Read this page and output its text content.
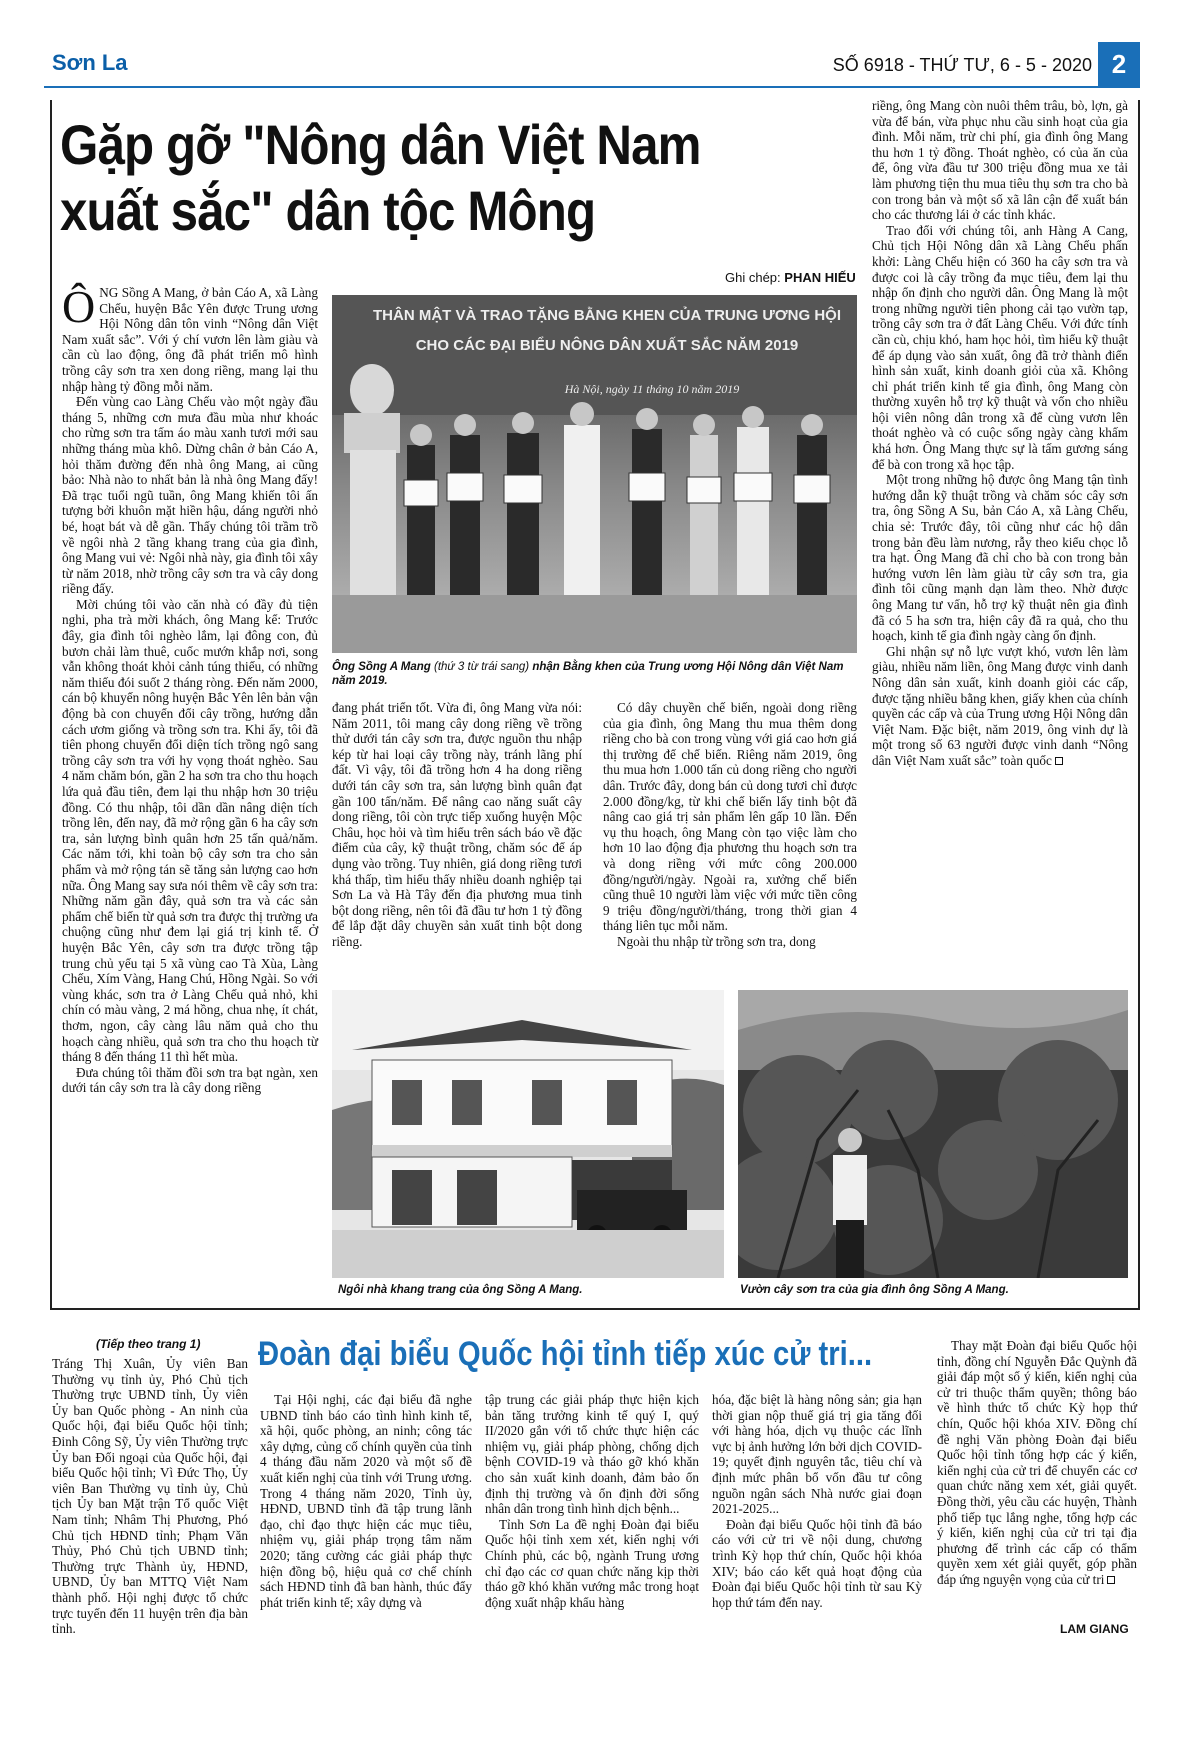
Sơn La	SỐ 6918 - THỨ TƯ, 6 - 5 - 2020 2
Gặp gỡ "Nông dân Việt Nam xuất sắc" dân tộc Mông
Ghi chép: PHAN HIẾU

ÔNG Sồng A Mang, ở bản Cáo A, xã Làng Chếu, huyện Bắc Yên được Trung ương Hội Nông dân tôn vinh “Nông dân Việt Nam xuất sắc”. Với ý chí vươn lên làm giàu và cần cù lao động, ông đã phát triển mô hình trồng cây sơn tra xen dong riềng, mang lại thu nhập hàng tỷ đồng mỗi năm.

Đến vùng cao Làng Chếu vào một ngày đầu tháng 5, những cơn mưa đầu mùa như khoác cho rừng sơn tra tấm áo màu xanh tươi mới sau những tháng mùa khô. Dừng chân ở bản Cáo A, hỏi thăm đường đến nhà ông Mang, ai cũng bảo: Nhà nào to nhất bản là nhà ông Mang đấy! Đã trạc tuổi ngũ tuần, ông Mang khiến tôi ấn tượng bởi khuôn mặt hiền hậu, dáng người nhỏ bé, hoạt bát và dễ gần. Thấy chúng tôi trầm trồ về ngôi nhà 2 tầng khang trang của gia đình, ông Mang vui vẻ: Ngôi nhà này, gia đình tôi xây từ năm 2018, nhờ trồng cây sơn tra và cây dong riềng đấy.

Mời chúng tôi vào căn nhà có đầy đủ tiện nghi, pha trà mời khách, ông Mang kể: Trước đây, gia đình tôi nghèo lắm, lại đông con, đủ bươn chải làm thuê, cuốc mướn khắp nơi, song vẫn không thoát khỏi cảnh túng thiếu, có những năm thiếu đói suốt 2 tháng ròng. Đến năm 2000, cán bộ khuyến nông huyện Bắc Yên lên bản vận động bà con chuyển đổi cây trồng, hướng dẫn cách ươm giống và trồng sơn tra. Khi ấy, tôi đã tiên phong chuyển đổi diện tích trồng ngô sang trồng cây sơn tra với hy vọng thoát nghèo. Sau 4 năm chăm bón, gần 2 ha sơn tra cho thu hoạch lứa quả đầu tiên, đem lại thu nhập hơn 30 triệu đồng. Có thu nhập, tôi dần dần nâng diện tích trồng lên, đến nay, đã mở rộng gần 6 ha cây sơn tra, sản lượng bình quân hơn 25 tấn quả/năm. Các năm tới, khi toàn bộ cây sơn tra cho sản phẩm và mở rộng tán sẽ tăng sản lượng cao hơn nữa. Ông Mang say sưa nói thêm về cây sơn tra: Những năm gần đây, quả sơn tra và các sản phẩm chế biến từ quả sơn tra được thị trường ưa chuộng cũng như đem lại giá trị kinh tế. Ở huyện Bắc Yên, cây sơn tra được trồng tập trung chủ yếu tại 5 xã vùng cao Tà Xùa, Làng Chếu, Xím Vàng, Hang Chú, Hồng Ngài. So với vùng khác, sơn tra ở Làng Chếu quả nhỏ, khi chín có màu vàng, 2 má hồng, chua nhẹ, ít chát, thơm, ngon, cây càng lâu năm quả cho thu hoạch càng nhiều, quả sơn tra cho thu hoạch từ tháng 8 đến tháng 11 thì hết mùa.

Đưa chúng tôi thăm đồi sơn tra bạt ngàn, xen dưới tán cây sơn tra là cây dong riềng

THÂN MẬT VÀ TRAO TẶNG BẰNG KHEN CỦA TRUNG ƯƠNG HỘI
CHO CÁC ĐẠI BIỂU NÔNG DÂN XUẤT SẮC NĂM 2019
Hà Nội, ngày 11 tháng 10 năm 2019
Ông Sồng A Mang (thứ 3 từ trái sang) nhận Bằng khen của Trung ương Hội Nông dân Việt Nam năm 2019.

đang phát triển tốt. Vừa đi, ông Mang vừa nói: Năm 2011, tôi mang cây dong riềng về trồng thử dưới tán cây sơn tra, được nguồn thu nhập kép từ hai loại cây trồng này, tránh lãng phí đất. Vì vậy, tôi đã trồng hơn 4 ha dong riềng dưới tán cây sơn tra, sản lượng bình quân đạt gần 100 tấn/năm. Để nâng cao năng suất cây dong riềng, tôi còn trực tiếp xuống huyện Mộc Châu, học hỏi và tìm hiểu trên sách báo về đặc điểm của cây, kỹ thuật trồng, chăm sóc để áp dụng vào trồng. Tuy nhiên, giá dong riềng tươi khá thấp, tìm hiểu thấy nhiều doanh nghiệp tại Sơn La và Hà Tây đến địa phương mua tinh bột dong riềng, nên tôi đã đầu tư hơn 1 tỷ đồng để lắp đặt dây chuyền sản xuất tinh bột dong riềng.

Có dây chuyền chế biến, ngoài dong riềng của gia đình, ông Mang thu mua thêm dong riềng cho bà con trong vùng với giá cao hơn giá thị trường để chế biến. Riêng năm 2019, ông thu mua hơn 1.000 tấn củ dong riềng cho người dân. Trước đây, dong bán củ dong tươi chỉ được 2.000 đồng/kg, từ khi chế biến lấy tinh bột đã nâng cao giá trị sản phẩm lên gấp 10 lần. Đến vụ thu hoạch, ông Mang còn tạo việc làm cho hơn 10 lao động địa phương thu hoạch sơn tra và dong riềng với mức công 200.000 đồng/người/ngày. Ngoài ra, xưởng chế biến cũng thuê 10 người làm việc với mức tiền công 9 triệu đồng/người/tháng, trong thời gian 4 tháng liên tục mỗi năm.

Ngoài thu nhập từ trồng sơn tra, dong

riềng, ông Mang còn nuôi thêm trâu, bò, lợn, gà vừa để bán, vừa phục nhu cầu sinh hoạt của gia đình. Mỗi năm, trừ chi phí, gia đình ông Mang thu hơn 1 tỷ đồng. Thoát nghèo, có của ăn của để, ông vừa đầu tư 300 triệu đồng mua xe tải làm phương tiện thu mua tiêu thụ sơn tra cho bà con trong bản và một số xã lân cận để xuất bán cho các thương lái ở các tỉnh khác.

Trao đổi với chúng tôi, anh Hàng A Cang, Chủ tịch Hội Nông dân xã Làng Chếu phấn khởi: Làng Chếu hiện có 360 ha cây sơn tra và được coi là cây trồng đa mục tiêu, đem lại thu nhập ổn định cho người dân. Ông Mang là một trong những người tiên phong cải tạo vườn tạp, trồng cây sơn tra ở đất Làng Chếu. Với đức tính cần cù, chịu khó, ham học hỏi, tìm hiểu kỹ thuật để áp dụng vào sản xuất, ông đã trở thành điển hình sản xuất, kinh doanh giỏi của xã. Không chỉ phát triển kinh tế gia đình, ông Mang còn thường xuyên hỗ trợ kỹ thuật và vốn cho nhiều hội viên nông dân trong xã để cùng vươn lên thoát nghèo và có cuộc sống ngày càng khấm khá hơn. Ông Mang thực sự là tấm gương sáng để bà con trong xã học tập.

Một trong những hộ được ông Mang tận tình hướng dẫn kỹ thuật trồng và chăm sóc cây sơn tra, ông Sồng A Su, bản Cáo A, xã Làng Chếu, chia sẻ: Trước đây, tôi cũng như các hộ dân trong bản đều làm nương, rẫy theo kiểu chọc lỗ tra hạt. Ông Mang đã chỉ cho bà con trong bản hướng vươn lên làm giàu từ cây sơn tra, gia đình tôi cũng mạnh dạn làm theo. Nhờ được ông Mang tư vấn, hỗ trợ kỹ thuật nên gia đình đã có 5 ha sơn tra, hiện cây đã ra quả, cho thu hoạch, kinh tế gia đình ngày càng ổn định.

Ghi nhận sự nỗ lực vượt khó, vươn lên làm giàu, nhiều năm liền, ông Mang được vinh danh Nông dân sản xuất, kinh doanh giỏi các cấp, được tặng nhiều bằng khen, giấy khen của chính quyền các cấp và của Trung ương Hội Nông dân Việt Nam. Đặc biệt, năm 2019, ông vinh dự là một trong số 63 người được vinh danh “Nông dân Việt Nam xuất sắc” toàn quốc

Ngôi nhà khang trang của ông Sồng A Mang.	Vườn cây sơn tra của gia đình ông Sồng A Mang.
(Tiếp theo trang 1) Đoàn đại biểu Quốc hội tỉnh tiếp xúc cử tri...

Tráng Thị Xuân, Ủy viên Ban Thường vụ tỉnh ủy, Phó Chủ tịch Thường trực UBND tỉnh, Ủy viên Ủy ban Quốc phòng - An ninh của Quốc hội, đại biểu Quốc hội tỉnh; Đinh Công Sỹ, Ủy viên Thường trực Ủy ban Đối ngoại của Quốc hội, đại biểu Quốc hội tỉnh; Vì Đức Thọ, Ủy viên Ban Thường vụ tỉnh ủy, Chủ tịch Ủy ban Mặt trận Tổ quốc Việt Nam tỉnh; Nhâm Thị Phương, Phó Chủ tịch HĐND tỉnh; Phạm Văn Thủy, Phó Chủ tịch UBND tỉnh; Thường trực Thành ủy, HĐND, UBND, Ủy ban MTTQ Việt Nam thành phố. Hội nghị được tổ chức trực tuyến đến 11 huyện trên địa bàn tỉnh.

Tại Hội nghị, các đại biểu đã nghe UBND tỉnh báo cáo tình hình kinh tế, xã hội, quốc phòng, an ninh; công tác xây dựng, củng cố chính quyền của tỉnh 4 tháng đầu năm 2020 và một số đề xuất kiến nghị của tỉnh với Trung ương. Trong 4 tháng năm 2020, Tỉnh ủy, HĐND, UBND tỉnh đã tập trung lãnh đạo, chỉ đạo thực hiện các mục tiêu, nhiệm vụ, giải pháp trọng tâm năm 2020; tăng cường các giải pháp thực hiện đồng bộ, hiệu quả cơ chế chính sách HĐND tỉnh đã ban hành, thúc đẩy phát triển kinh tế; xây dựng và

tập trung các giải pháp thực hiện kịch bản tăng trưởng kinh tế quý I, quý II/2020 gắn với tổ chức thực hiện các nhiệm vụ, giải pháp phòng, chống dịch bệnh COVID-19 và tháo gỡ khó khăn cho sản xuất kinh doanh, đảm bảo ổn định thị trường và ổn định đời sống nhân dân trong tình hình dịch bệnh...

Tỉnh Sơn La đề nghị Đoàn đại biểu Quốc hội tỉnh xem xét, kiến nghị với Chính phủ, các bộ, ngành Trung ương chỉ đạo các cơ quan chức năng kịp thời tháo gỡ khó khăn vướng mắc trong hoạt động xuất nhập khẩu hàng

hóa, đặc biệt là hàng nông sản; gia hạn thời gian nộp thuế giá trị gia tăng đối với hàng hóa, dịch vụ thuộc các lĩnh vực bị ảnh hưởng lớn bởi dịch COVID-19; quyết định nguyên tắc, tiêu chí và định mức phân bổ vốn đầu tư công nguồn ngân sách Nhà nước giai đoạn 2021-2025...

Đoàn đại biểu Quốc hội tỉnh đã báo cáo với cử tri về nội dung, chương trình Kỳ họp thứ chín, Quốc hội khóa XIV; báo cáo kết quả hoạt động của Đoàn đại biểu Quốc hội tỉnh từ sau Kỳ họp thứ tám đến nay.

Thay mặt Đoàn đại biểu Quốc hội tỉnh, đồng chí Nguyễn Đắc Quỳnh đã giải đáp một số ý kiến, kiến nghị của cử tri thuộc thẩm quyền; thông báo về hình thức tổ chức Kỳ họp thứ chín, Quốc hội khóa XIV. Đồng chí đề nghị Văn phòng Đoàn đại biểu Quốc hội tỉnh tổng hợp các ý kiến, kiến nghị của cử tri để chuyển các cơ quan chức năng xem xét, giải quyết. Đồng thời, yêu cầu các huyện, Thành phố tiếp tục lắng nghe, tổng hợp các ý kiến, kiến nghị của cử tri tại địa phương để trình các cấp có thẩm quyền xem xét giải quyết, góp phần đáp ứng nguyện vọng của cử tri

LAM GIANG
